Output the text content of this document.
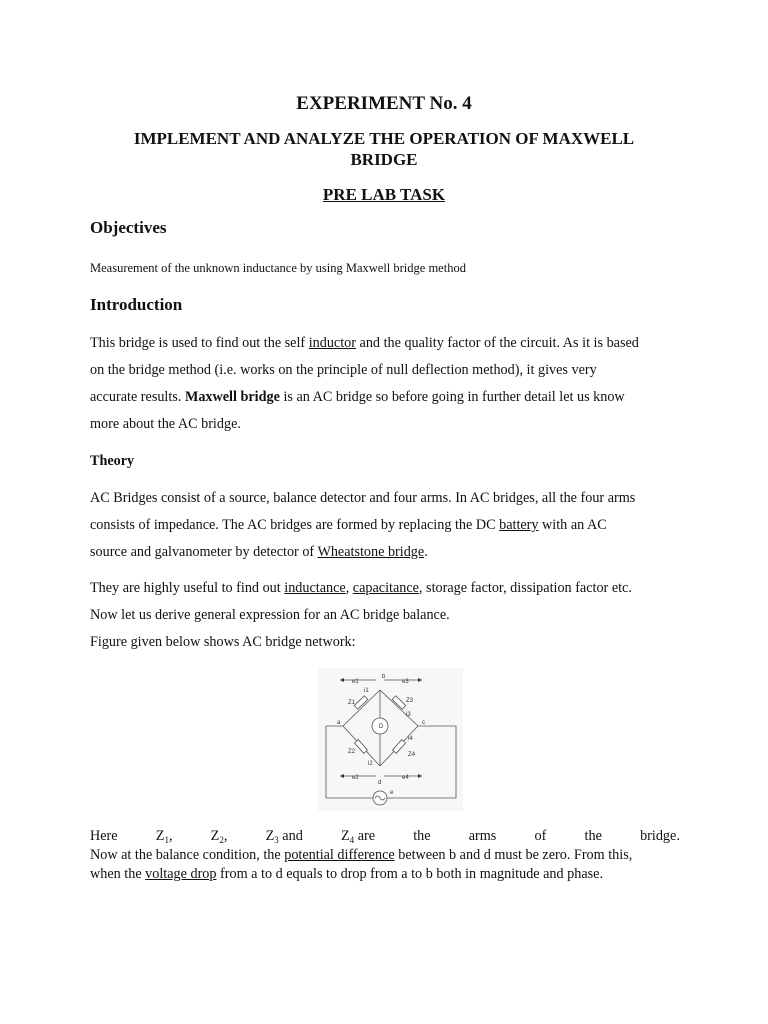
EXPERIMENT No. 4
IMPLEMENT AND ANALYZE THE OPERATION OF MAXWELL BRIDGE
PRE LAB TASK
Objectives
Measurement of the unknown inductance by using Maxwell bridge method
Introduction
This bridge is used to find out the self inductor and the quality factor of the circuit. As it is based
on the bridge method (i.e. works on the principle of null deflection method), it gives very
accurate results. Maxwell bridge is an AC bridge so before going in further detail let us know
more about the AC bridge.
Theory
AC Bridges consist of a source, balance detector and four arms. In AC bridges, all the four arms
consists of impedance. The AC bridges are formed by replacing the DC battery with an AC
source and galvanometer by detector of Wheatstone bridge.
They are highly useful to find out inductance, capacitance, storage factor, dissipation factor etc.
Now let us derive general expression for an AC bridge balance.
Figure given below shows AC bridge network:
D
b
a	c
d
e1	e3
e2	e4
i1
i2
i3
i4
Z1	Z3
Z2	Z4
e
Here	$Z_1$,	$Z_2$,	$Z_3$ and	$Z_4$ are	the	arms	of	the	bridge.
Now at the balance condition, the potential difference between b and d must be zero. From this,
when the voltage drop from a to d equals to drop from a to b both in magnitude and phase.
